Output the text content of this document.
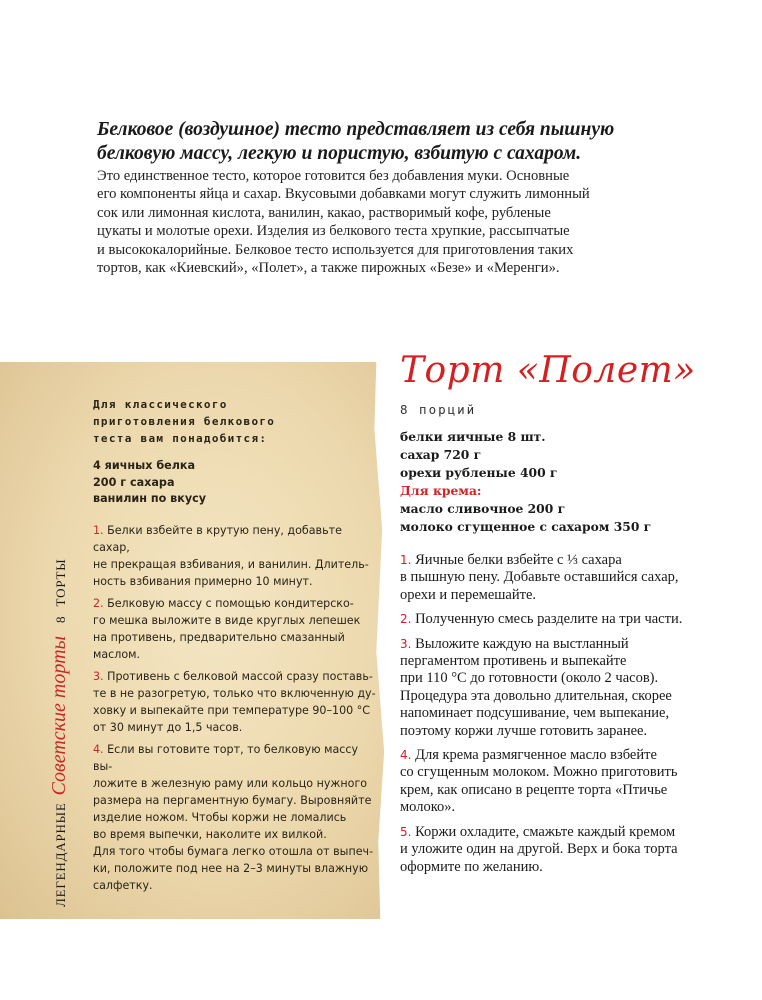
Белковое (воздушное) тесто представляет из себя пышную
белковую массу, легкую и пористую, взбитую с сахаром.
Это единственное тесто, которое готовится без добавления муки. Основные
его компоненты яйца и сахар. Вкусовыми добавками могут служить лимонный
сок или лимонная кислота, ванилин, какао, растворимый кофе, рубленые
цукаты и молотые орехи. Изделия из белкового теста хрупкие, рассыпчатые
и высококалорийные. Белковое тесто используется для приготовления таких
тортов, как «Киевский», «Полет», а также пирожных «Безе» и «Меренги».
Для классического
приготовления белкового
теста вам понадобится:
4 яичных белка
200 г сахара
ванилин по вкусу
1. Белки взбейте в крутую пену, добавьте сахар,
не прекращая взбивания, и ванилин. Длитель-
ность взбивания примерно 10 минут.
2. Белковую массу с помощью кондитерско-
го мешка выложите в виде круглых лепешек
на противень, предварительно смазанный
маслом.
3. Противень с белковой массой сразу поставь-
те в не разогретую, только что включенную ду-
ховку и выпекайте при температуре 90–100 °С
от 30 минут до 1,5 часов.
4. Если вы готовите торт, то белковую массу вы-
ложите в железную раму или кольцо нужного
размера на пергаментную бумагу. Выровняйте
изделие ножом. Чтобы коржи не ломались
во время выпечки, наколите их вилкой.
Для того чтобы бумага легко отошла от выпеч-
ки, положите под нее на 2–3 минуты влажную
салфетку.
ЛЕГЕНДАРНЫЕ Советские торты 8 ТОРТЫ
Торт «Полет»
8 порций
белки яичные 8 шт.
сахар 720 г
орехи рубленые 400 г
Для крема:
масло сливочное 200 г
молоко сгущенное с сахаром 350 г
1. Яичные белки взбейте с ⅓ сахара
в пышную пену. Добавьте оставшийся сахар,
орехи и перемешайте.
2. Полученную смесь разделите на три части.
3. Выложите каждую на выстланный
пергаментом противень и выпекайте
при 110 °С до готовности (около 2 часов).
Процедура эта довольно длительная, скорее
напоминает подсушивание, чем выпекание,
поэтому коржи лучше готовить заранее.
4. Для крема размягченное масло взбейте
со сгущенным молоком. Можно приготовить
крем, как описано в рецепте торта «Птичье
молоко».
5. Коржи охладите, смажьте каждый кремом
и уложите один на другой. Верх и бока торта
оформите по желанию.
